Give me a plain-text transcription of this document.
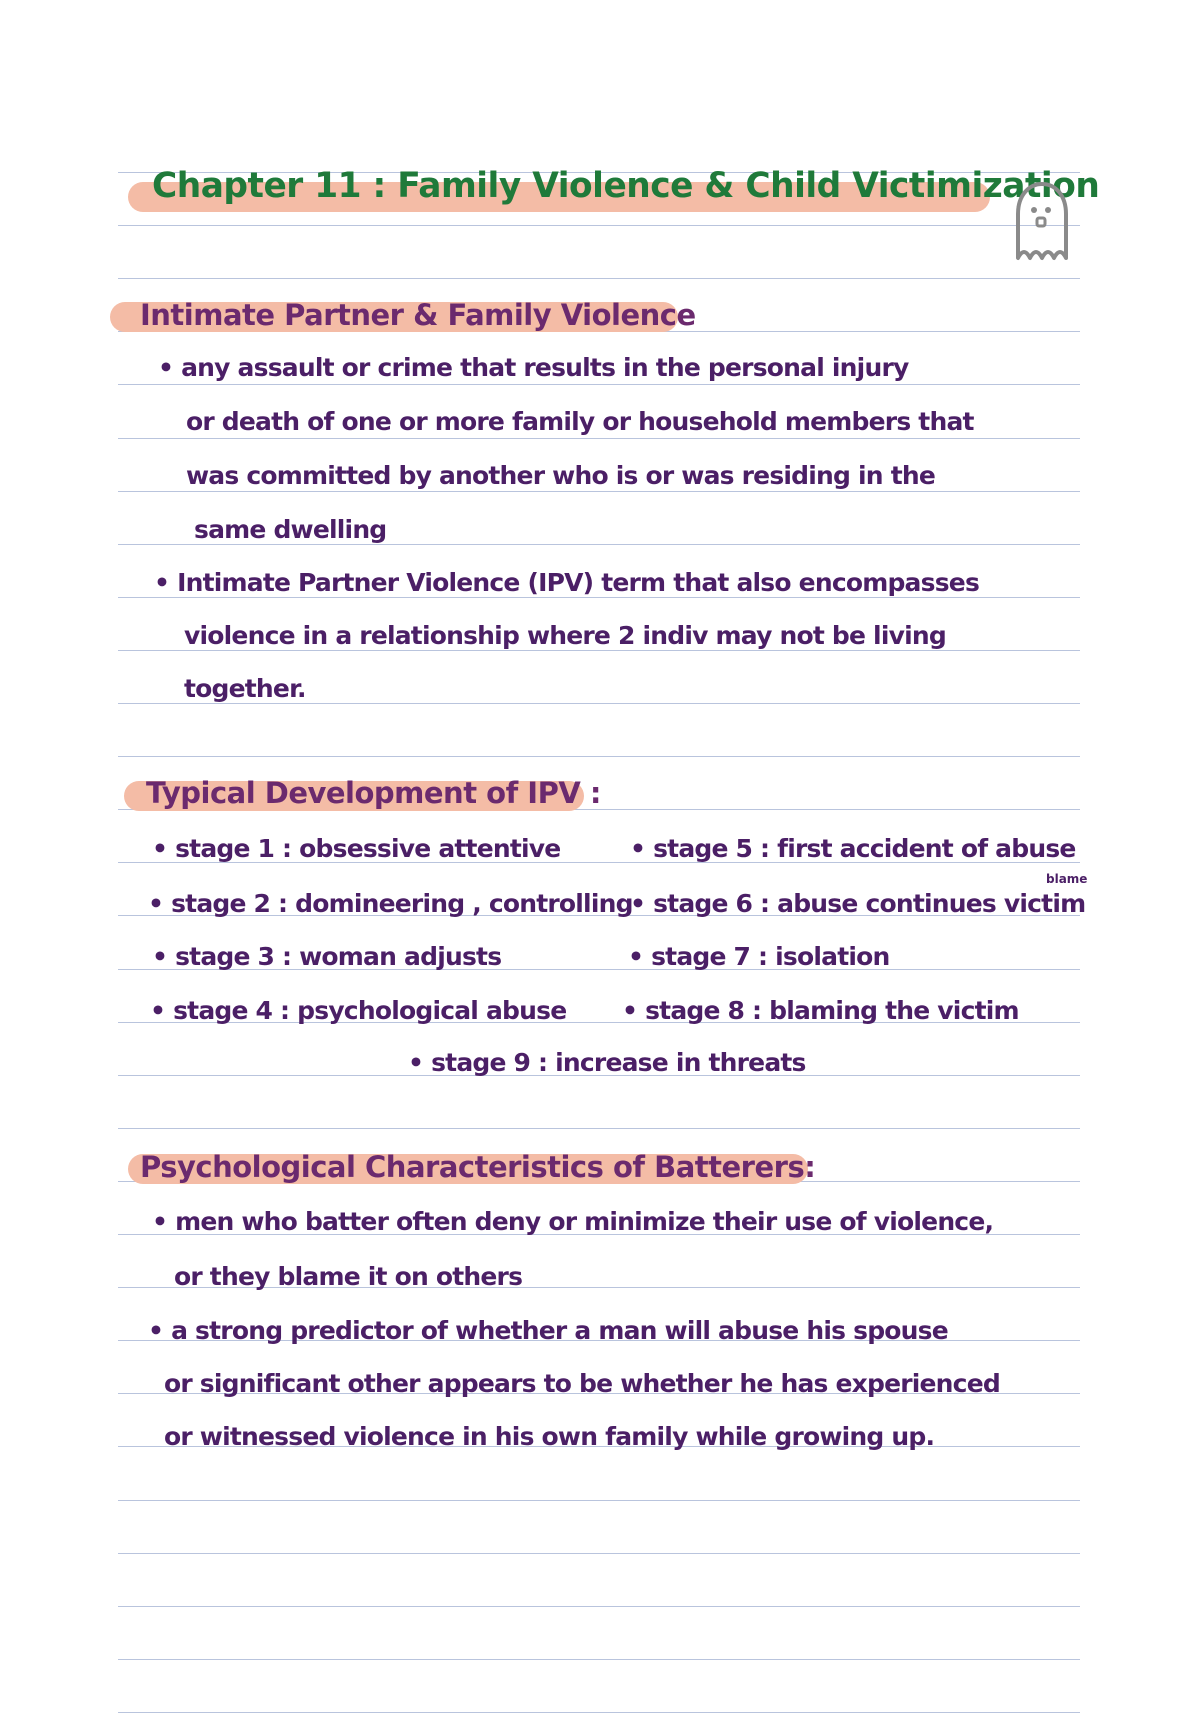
Chapter 11 : Family Violence & Child Victimization
Intimate Partner & Family Violence
• any assault or crime that results in the personal injury
or death of one or more family or household members that
was committed by another who is or was residing in the
same dwelling
• Intimate Partner Violence (IPV) term that also encompasses
violence in a relationship where 2 indiv may not be living
together.
Typical Development of IPV :
• stage 1 : obsessive attentive
• stage 2 : domineering , controlling
• stage 3 : woman adjusts
• stage 4 : psychological abuse
• stage 5 : first accident of abuse
• stage 6 : abuse continues victim
blame
• stage 7 : isolation
• stage 8 : blaming the victim
• stage 9 : increase in threats
Psychological Characteristics of Batterers:
• men who batter often deny or minimize their use of violence,
or they blame it on others
• a strong predictor of whether a man will abuse his spouse
or significant other appears to be whether he has experienced
or witnessed violence in his own family while growing up.
